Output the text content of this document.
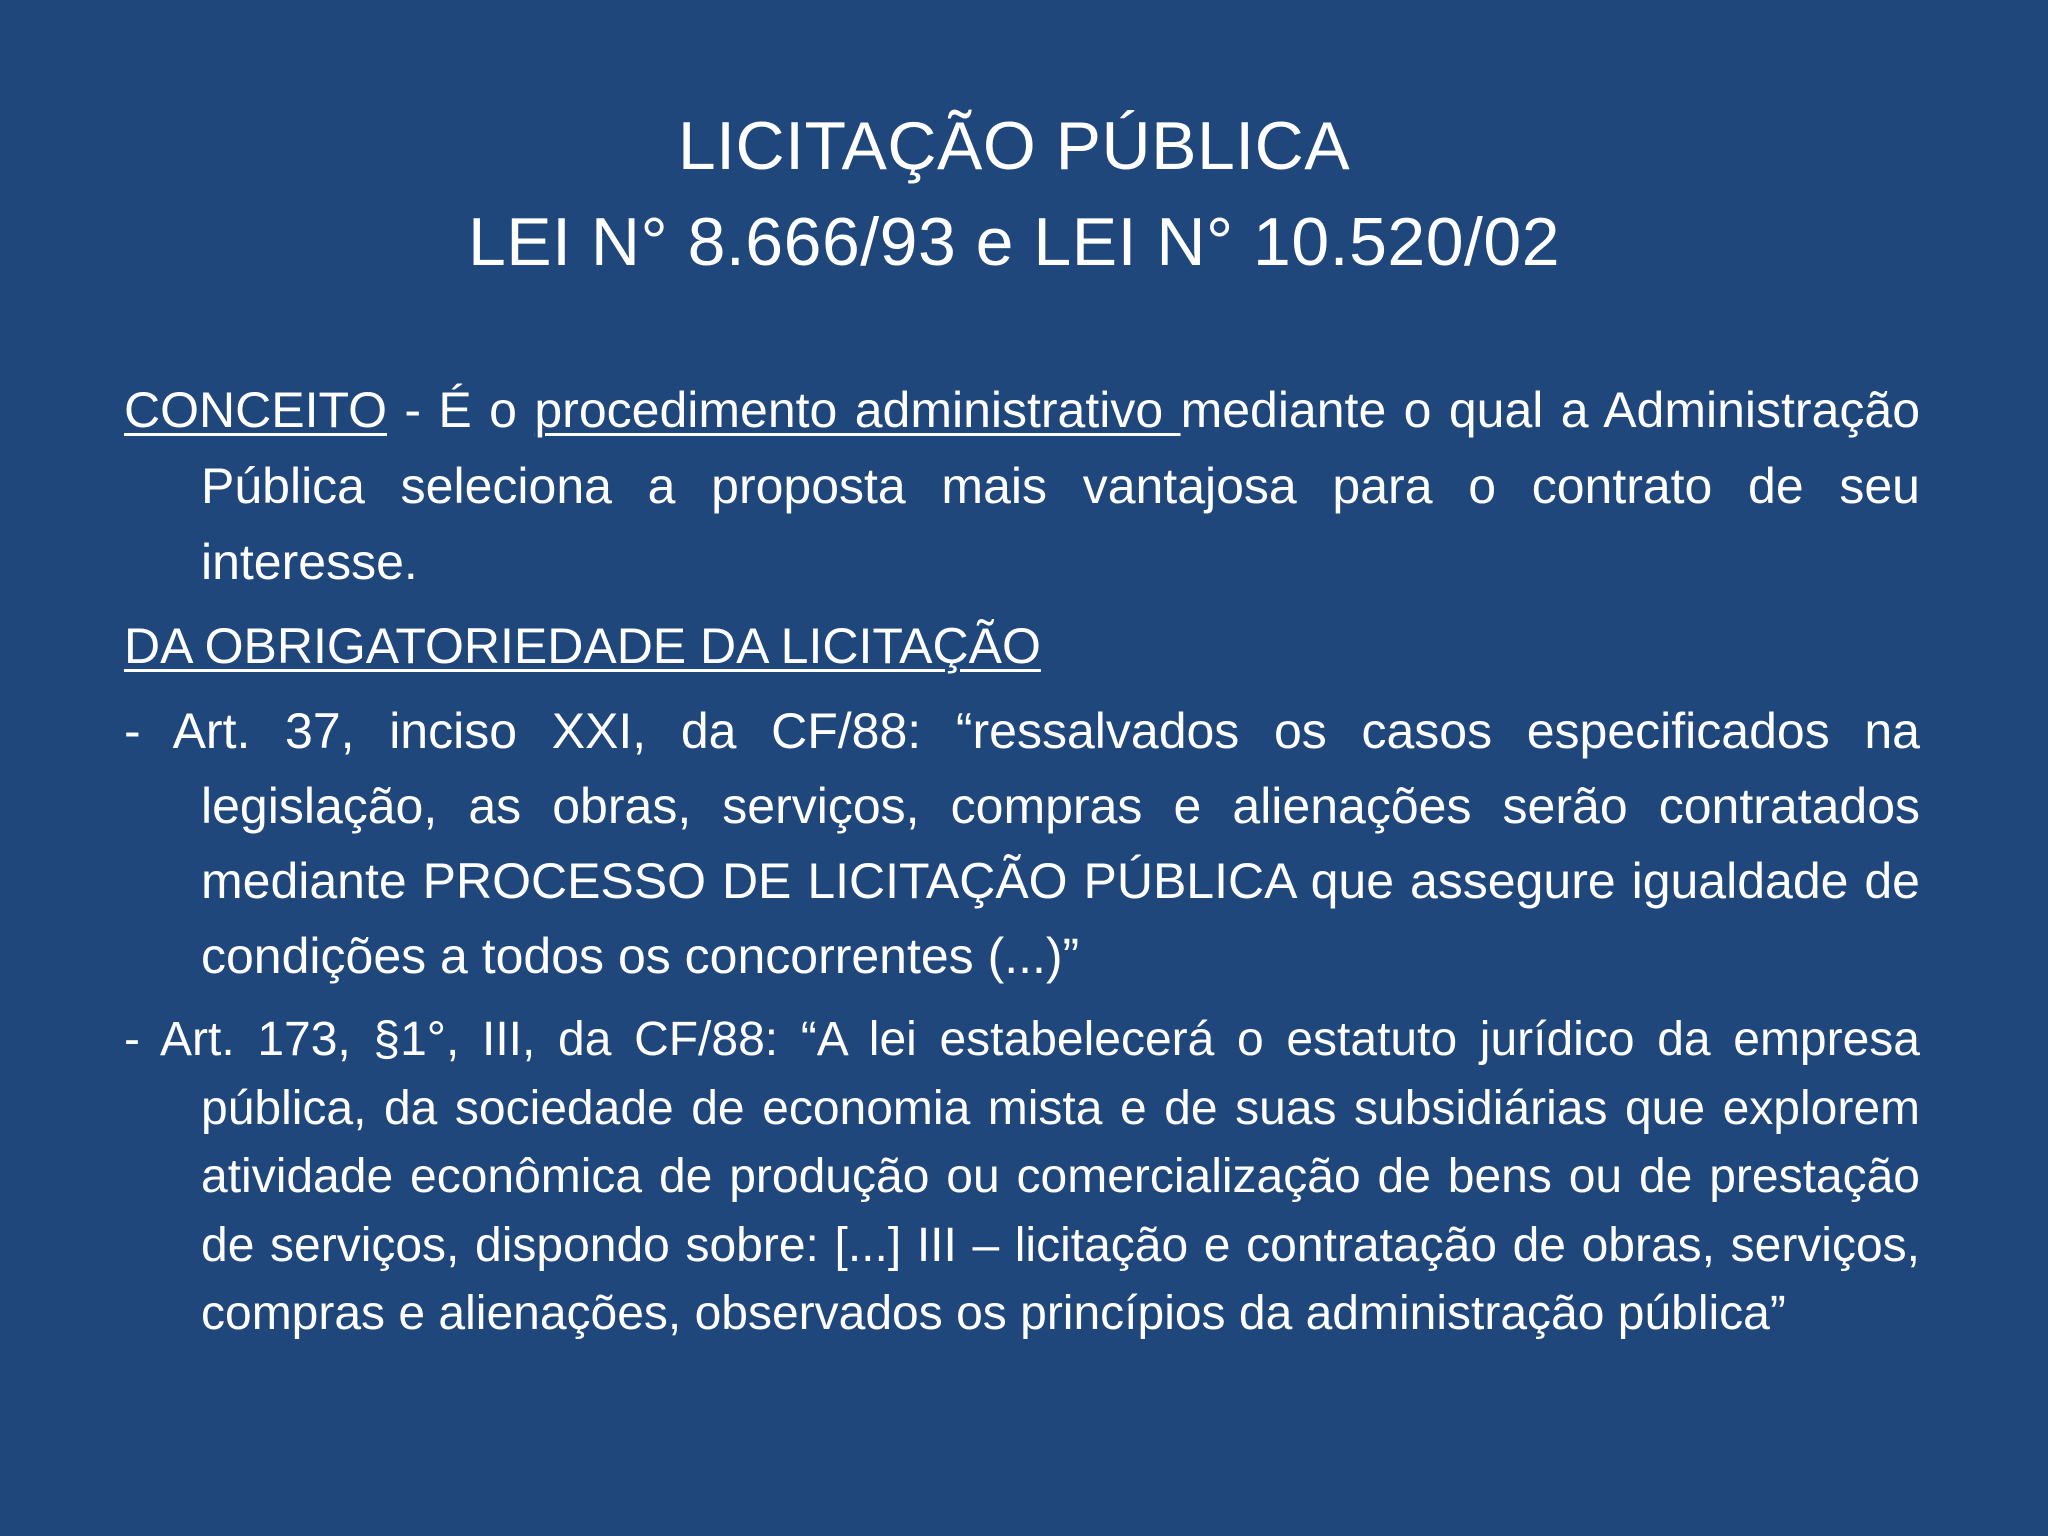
LICITAÇÃO PÚBLICA
LEI N° 8.666/93 e LEI N° 10.520/02

CONCEITO - É o procedimento administrativo mediante o qual a Administração Pública seleciona a proposta mais vantajosa para o contrato de seu interesse.

DA OBRIGATORIEDADE DA LICITAÇÃO

- Art. 37, inciso XXI, da CF/88: “ressalvados os casos especificados na legislação, as obras, serviços, compras e alienações serão contratados mediante PROCESSO DE LICITAÇÃO PÚBLICA que assegure igualdade de condições a todos os concorrentes (...)”

- Art. 173, §1°, III, da CF/88: “A lei estabelecerá o estatuto jurídico da empresa pública, da sociedade de economia mista e de suas subsidiárias que explorem atividade econômica de produção ou comercialização de bens ou de prestação de serviços, dispondo sobre: [...] III – licitação e contratação de obras, serviços, compras e alienações, observados os princípios da administração pública”
